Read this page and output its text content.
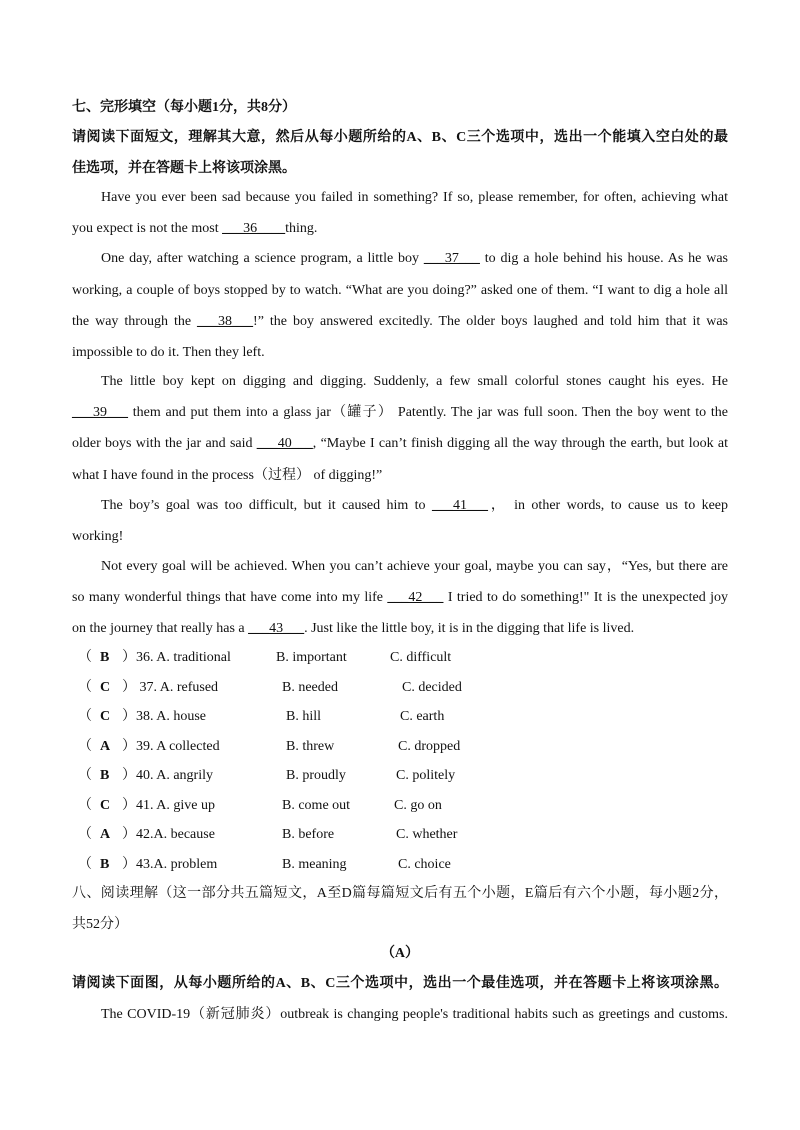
七、完形填空（每小题1分，共8分）
请阅读下面短文，理解其大意，然后从每小题所给的A、B、C三个选项中，选出一个能填入空白处的最
佳选项，并在答题卡上将该项涂黑。
Have you ever been sad because you failed in something? If so, please remember, for often, achieving what
you expect is not the most ___36____thing.
One day, after watching a science program, a little boy ___37___ to dig a hole behind his house. As he was
working, a couple of boys stopped by to watch. “What are you doing?” asked one of them. “I want to dig a hole all
the way through the ___38___!” the boy answered excitedly. The older boys laughed and told him that it was
impossible to do it. Then they left.
The little boy kept on digging and digging. Suddenly, a few small colorful stones caught his eyes. He
___39___ them and put them into a glass jar（罐子） Patently. The jar was full soon. Then the boy went to the
older boys with the jar and said ___40___, “Maybe I can’t finish digging all the way through the earth, but look at
what I have found in the process（过程） of digging!”
The boy’s goal was too difficult, but it caused him to ___41___， in other words, to cause us to keep
working!
Not every goal will be achieved. When you can’t achieve your goal, maybe you can say，“Yes, but there are
so many wonderful things that have come into my life ___42___ I tried to do something!" It is the unexpected joy
on the journey that really has a ___43___. Just like the little boy, it is in the digging that life is lived.
（ B ）36. A. traditional	B. important	C. difficult
（ C ） 37. A. refused	B. needed	C. decided
（ C ）38. A. house	B. hill	C. earth
（ A ）39. A collected	B. threw	C. dropped
（ B ）40. A. angrily	B. proudly	C. politely
（ C ）41. A. give up	B. come out	C. go on
（ A ）42.A. because	B. before	C. whether
（ B ）43.A. problem	B. meaning	C. choice
八、阅读理解（这一部分共五篇短文，A至D篇每篇短文后有五个小题，E篇后有六个小题，每小题2分，
共52分）
（A）
请阅读下面图，从每小题所给的A、B、C三个选项中，选出一个最佳选项，并在答题卡上将该项涂黑。
The COVID-19（新冠肺炎）outbreak is changing people's traditional habits such as greetings and customs.
